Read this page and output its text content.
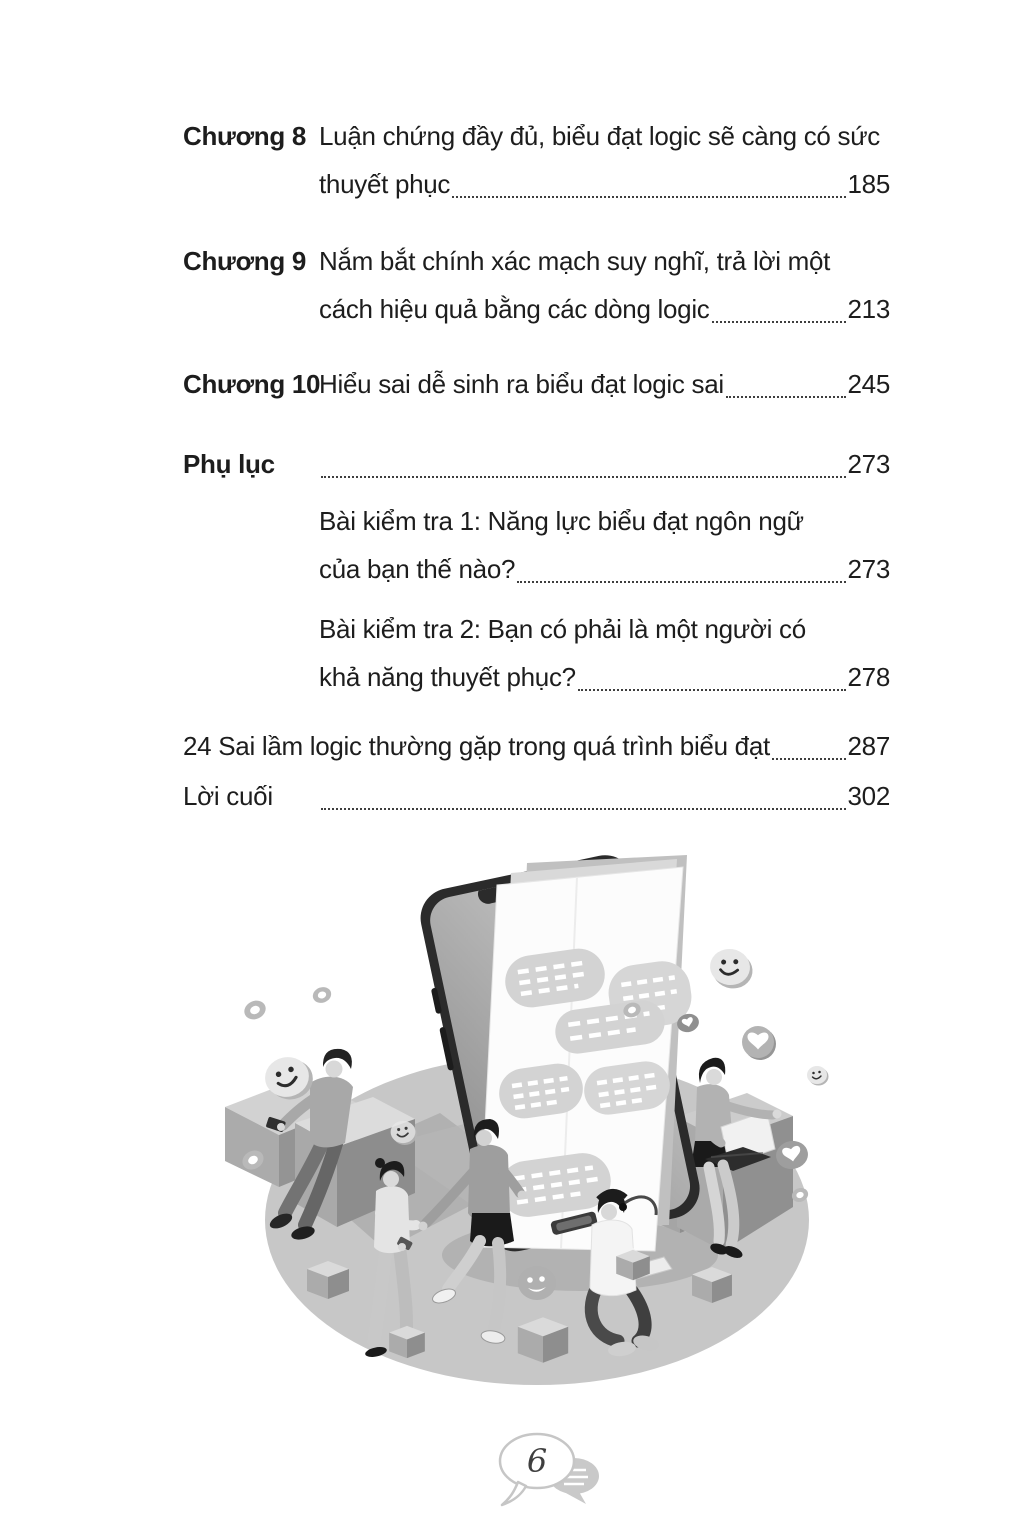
Chương 8 Luận chứng đầy đủ, biểu đạt logic sẽ càng có sức
thuyết phục	185
Chương 9 Nắm bắt chính xác mạch suy nghĩ, trả lời một
cách hiệu quả bằng các dòng logic	213
Chương 10
Hiểu sai dễ sinh ra biểu đạt logic sai	245
Phụ lục	273
Bài kiểm tra 1: Năng lực biểu đạt ngôn ngữ
của bạn thế nào?	273
Bài kiểm tra 2: Bạn có phải là một người có
khả năng thuyết phục?	278
24 Sai lầm logic thường gặp trong quá trình biểu đạt	287
Lời cuối	302
6
